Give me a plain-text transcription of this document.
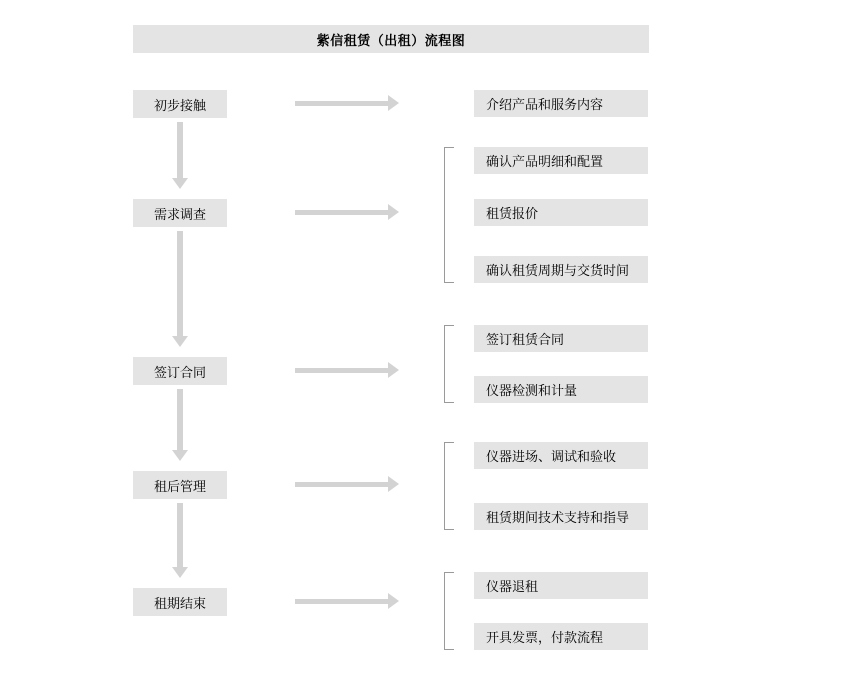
紫信租赁（出租）流程图
初步接触
需求调查
签订合同
租后管理
租期结束
介绍产品和服务内容
确认产品明细和配置
租赁报价
确认租赁周期与交货时间
签订租赁合同
仪器检测和计量
仪器进场、调试和验收
租赁期间技术支持和指导
仪器退租
开具发票，付款流程
